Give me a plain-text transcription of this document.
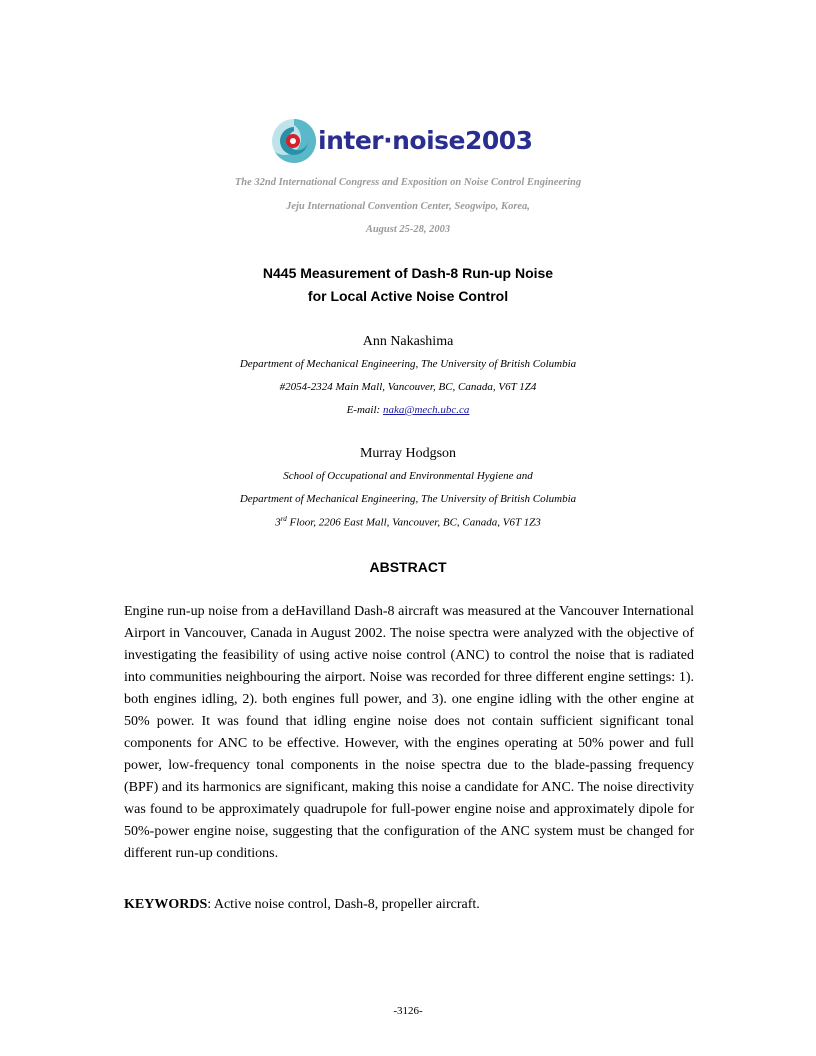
inter·noise2003
The 32nd International Congress and Exposition on Noise Control Engineering
Jeju International Convention Center, Seogwipo, Korea,
August 25-28, 2003
N445 Measurement of Dash-8 Run-up Noise
for Local Active Noise Control
Ann Nakashima
Department of Mechanical Engineering, The University of British Columbia
#2054-2324 Main Mall, Vancouver, BC, Canada, V6T 1Z4
E-mail: naka@mech.ubc.ca
Murray Hodgson
School of Occupational and Environmental Hygiene and
Department of Mechanical Engineering, The University of British Columbia
3rd Floor, 2206 East Mall, Vancouver, BC, Canada, V6T 1Z3
ABSTRACT

Engine run-up noise from a deHavilland Dash-8 aircraft was measured at the Vancouver International Airport in Vancouver, Canada in August 2002. The noise spectra were analyzed with the objective of investigating the feasibility of using active noise control (ANC) to control the noise that is radiated into communities neighbouring the airport. Noise was recorded for three different engine settings: 1). both engines idling, 2). both engines full power, and 3). one engine idling with the other engine at 50% power. It was found that idling engine noise does not contain sufficient significant tonal components for ANC to be effective. However, with the engines operating at 50% power and full power, low-frequency tonal components in the noise spectra due to the blade-passing frequency (BPF) and its harmonics are significant, making this noise a candidate for ANC. The noise directivity was found to be approximately quadrupole for full-power engine noise and approximately dipole for 50%-power engine noise, suggesting that the configuration of the ANC system must be changed for different run-up conditions.

KEYWORDS: Active noise control, Dash-8, propeller aircraft.

-3126-
